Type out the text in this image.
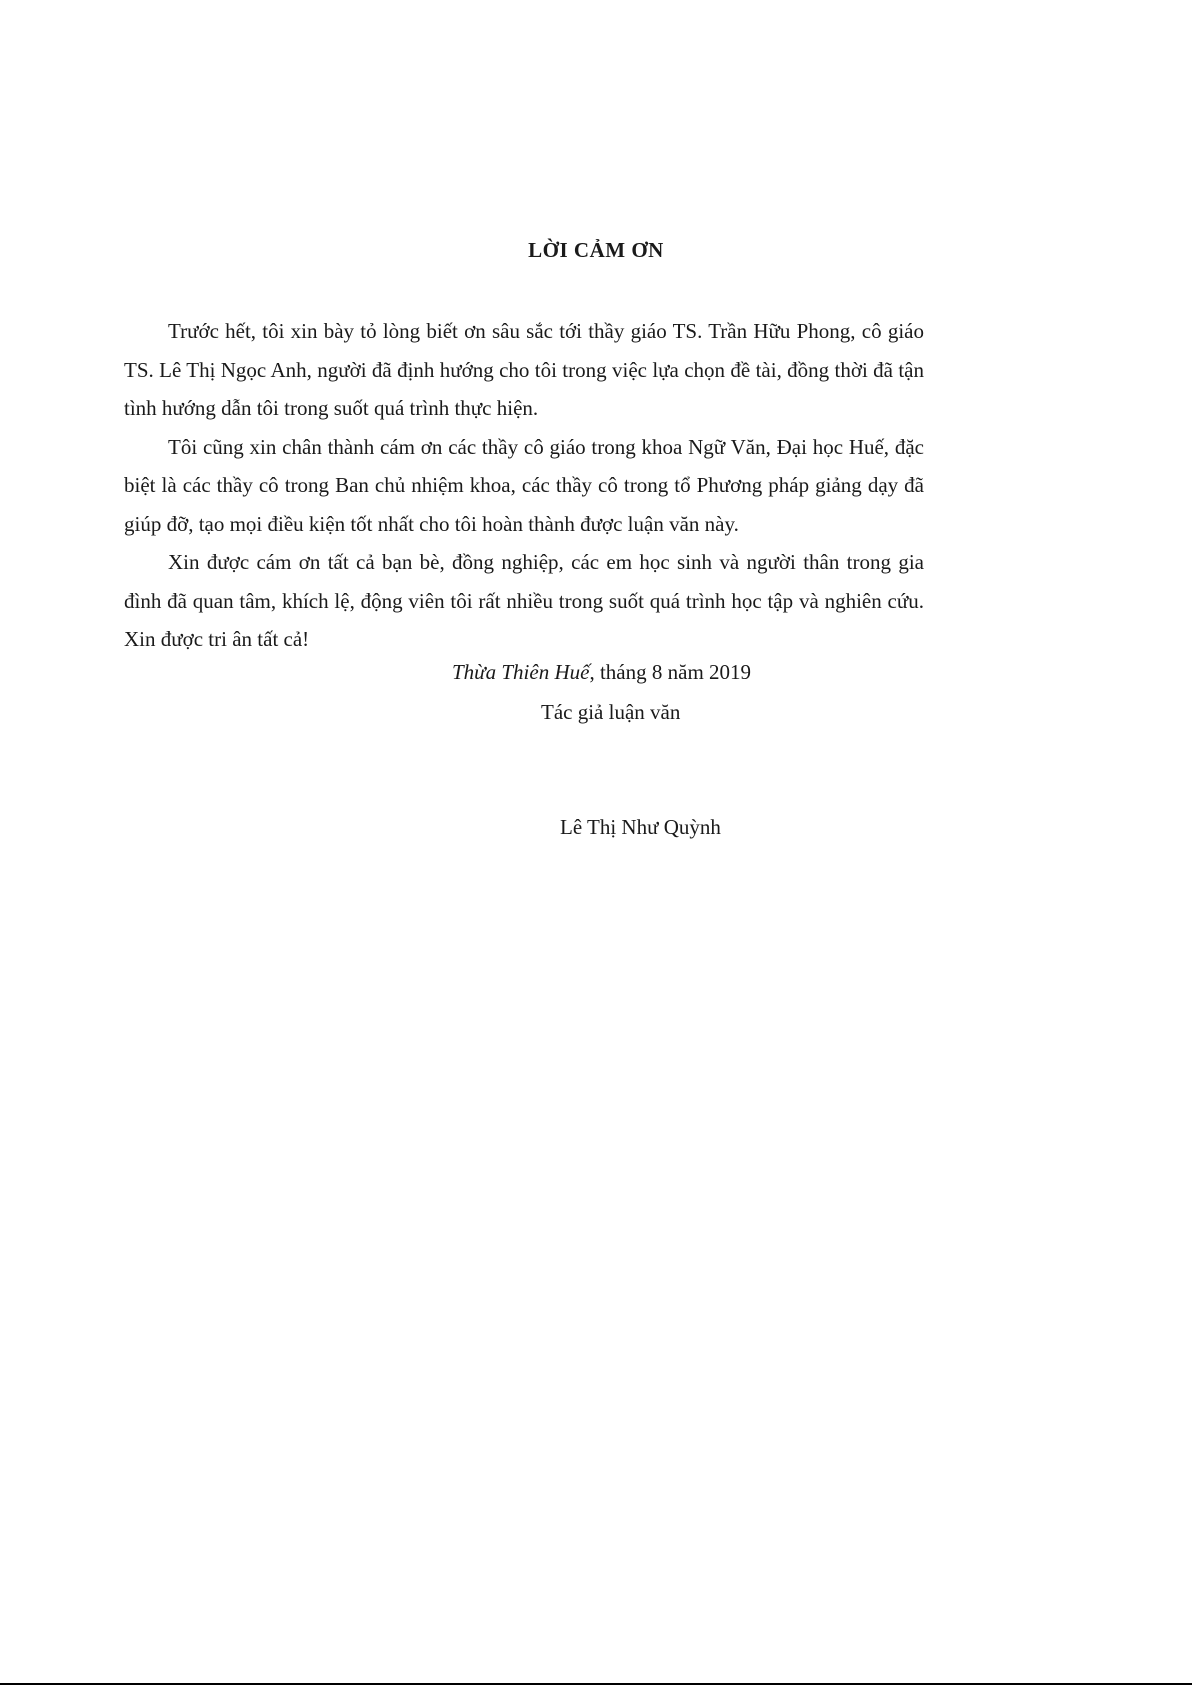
LỜI CẢM ƠN

Trước hết, tôi xin bày tỏ lòng biết ơn sâu sắc tới thầy giáo TS. Trần Hữu Phong, cô giáo TS. Lê Thị Ngọc Anh, người đã định hướng cho tôi trong việc lựa chọn đề tài, đồng thời đã tận tình hướng dẫn tôi trong suốt quá trình thực hiện.

Tôi cũng xin chân thành cám ơn các thầy cô giáo trong khoa Ngữ Văn, Đại học Huế, đặc biệt là các thầy cô trong Ban chủ nhiệm khoa, các thầy cô trong tổ Phương pháp giảng dạy đã giúp đỡ, tạo mọi điều kiện tốt nhất cho tôi hoàn thành được luận văn này.

Xin được cám ơn tất cả bạn bè, đồng nghiệp, các em học sinh và người thân trong gia đình đã quan tâm, khích lệ, động viên tôi rất nhiều trong suốt quá trình học tập và nghiên cứu. Xin được tri ân tất cả!

Thừa Thiên Huế, tháng 8 năm 2019
Tác giả luận văn
Lê Thị Như Quỳnh
